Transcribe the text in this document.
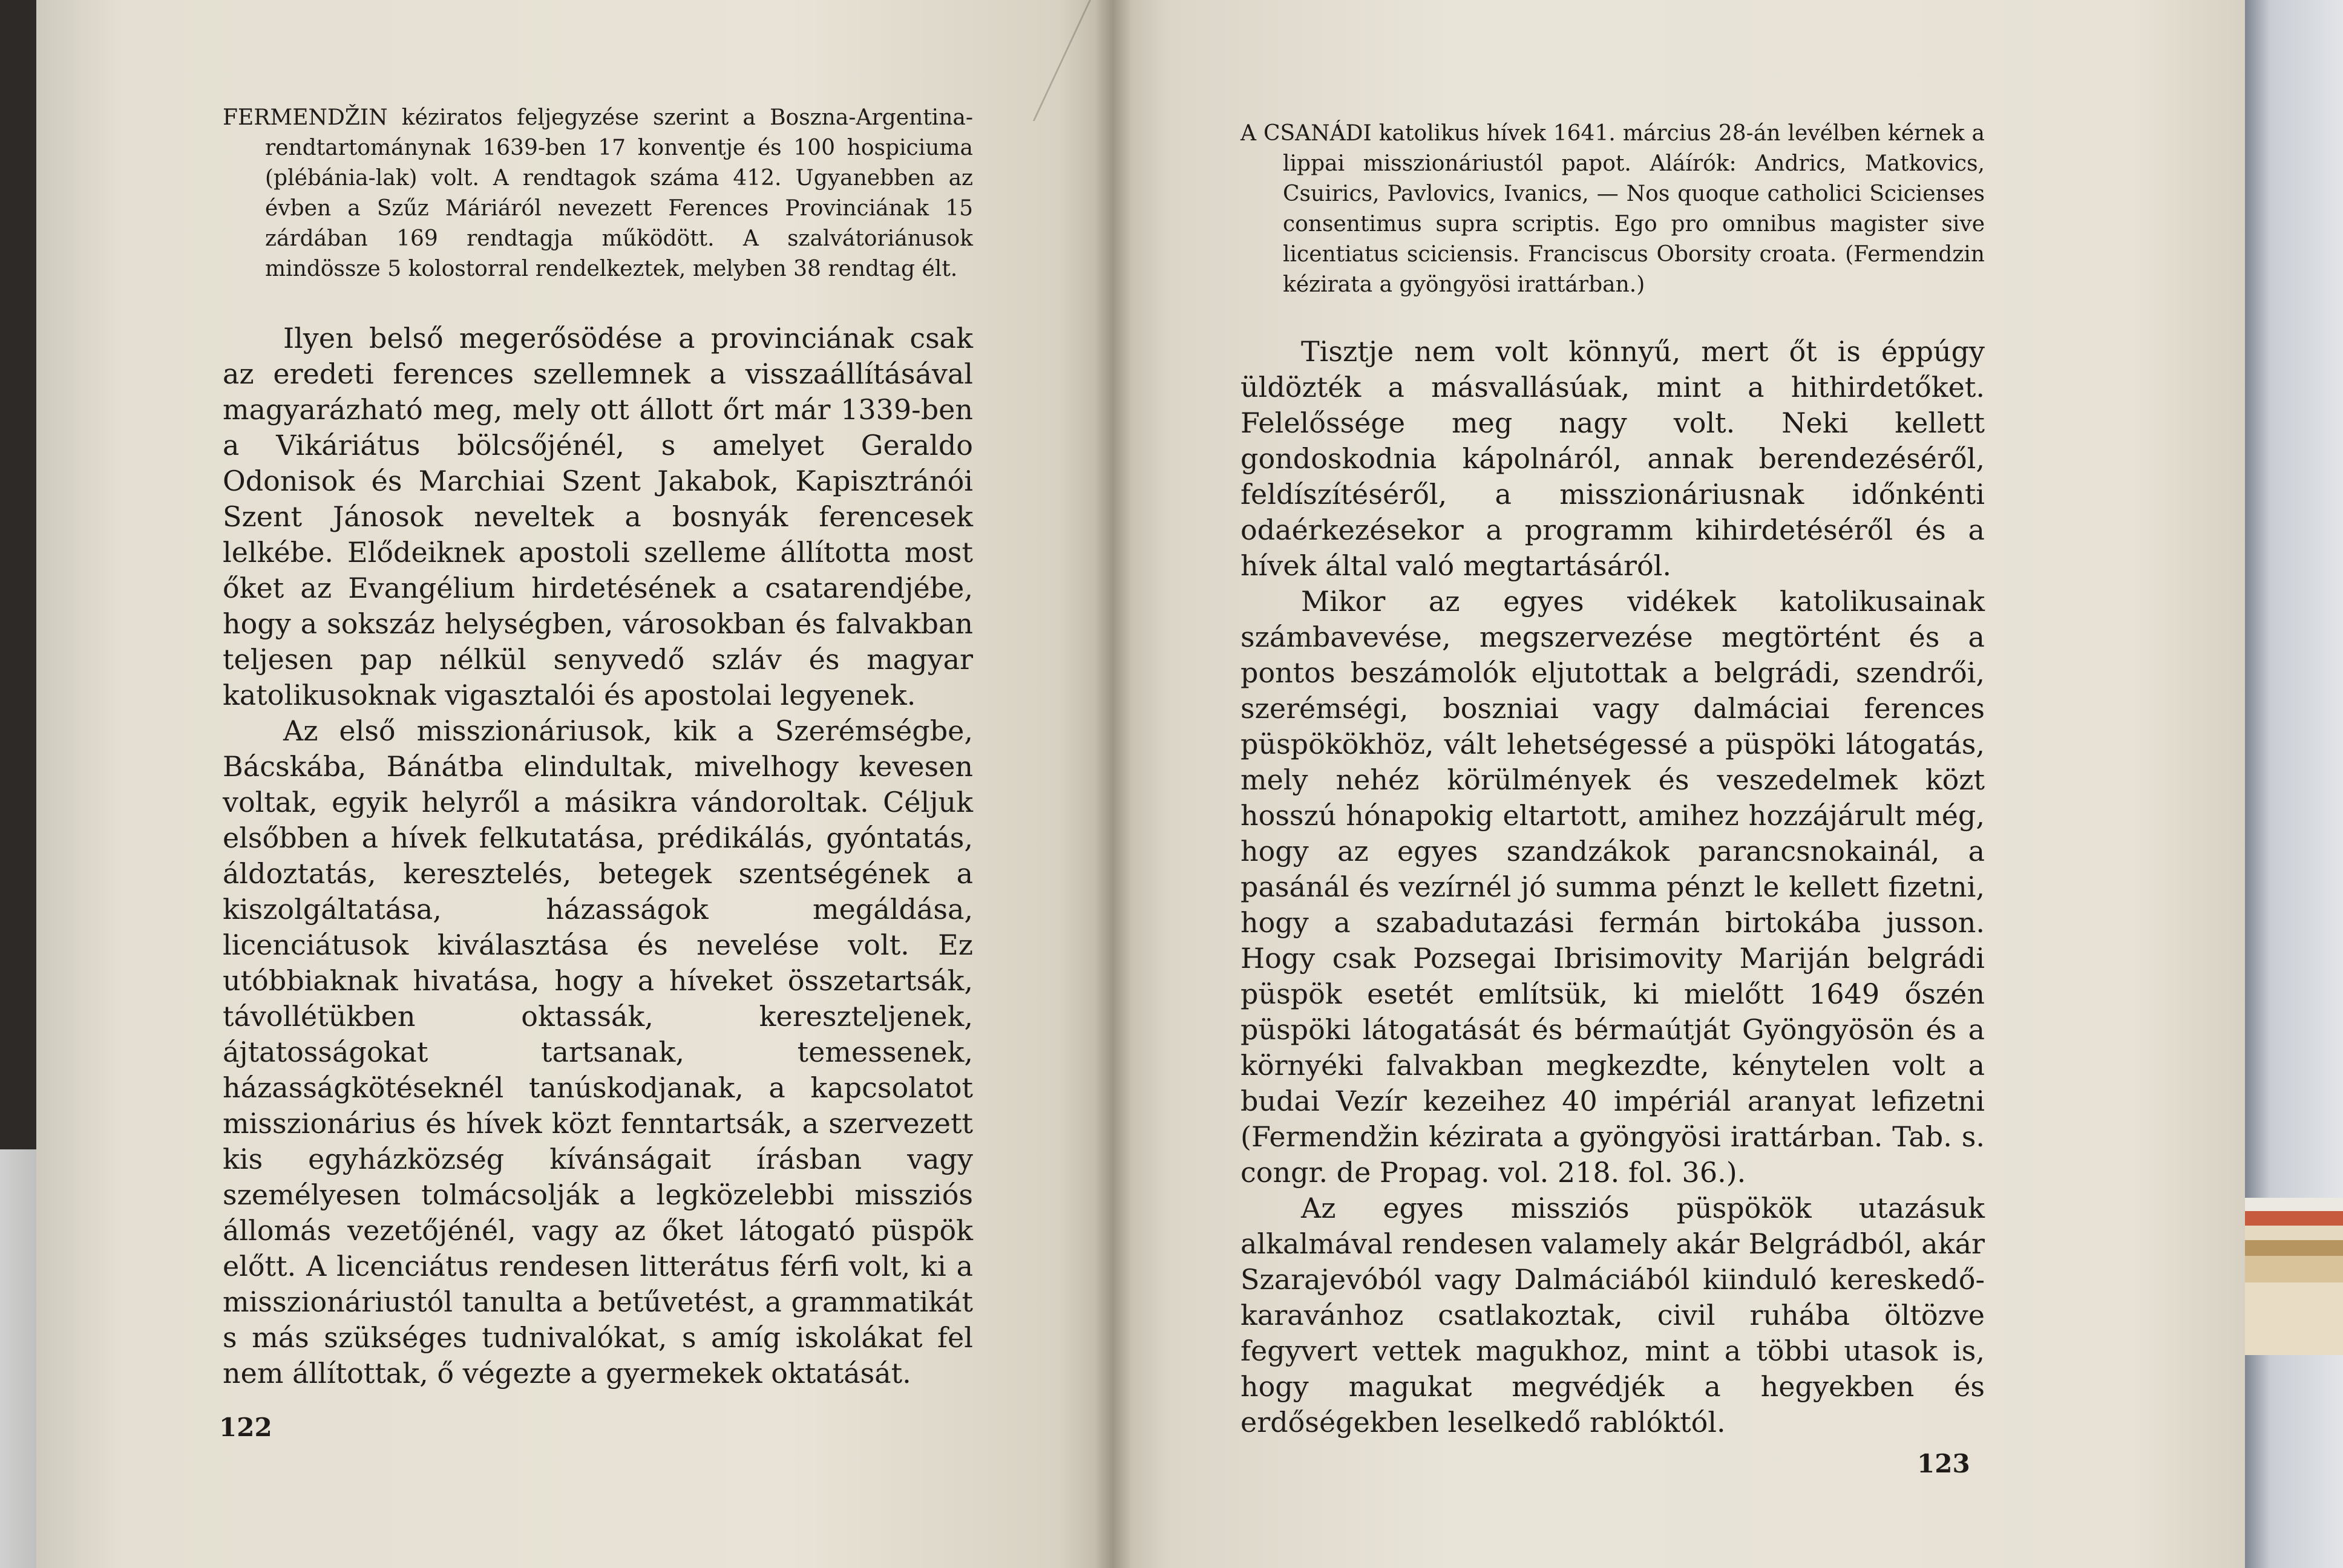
FERMENDŽIN kéziratos feljegyzése szerint a Boszna-Argentina-rendtartománynak 1639-ben 17 konventje és 100 hospiciuma (plébánia-lak) volt. A rendtagok száma 412. Ugyanebben az évben a Szűz Máriáról nevezett Ferences Provinciának 15 zárdában 169 rendtagja működött. A szalvátoriánusok mindössze 5 kolostorral rendelkeztek, melyben 38 rendtag élt.

Ilyen belső megerősödése a provinciának csak az eredeti ferences szellemnek a visszaállításával magyarázható meg, mely ott állott őrt már 1339-ben a Vikáriátus bölcsőjénél, s amelyet Geraldo Odonisok és Marchiai Szent Jakabok, Kapisztránói Szent Jánosok neveltek a bosnyák ferencesek lelkébe. Elődeiknek apostoli szelleme állította most őket az Evangélium hirdetésének a csatarendjébe, hogy a sokszáz helységben, városokban és falvakban teljesen pap nélkül senyvedő szláv és magyar katolikusoknak vigasztalói és apostolai legyenek.

Az első misszionáriusok, kik a Szerémségbe, Bácskába, Bánátba elindultak, mivelhogy kevesen voltak, egyik helyről a másikra vándoroltak. Céljuk elsőbben a hívek felkutatása, prédikálás, gyóntatás, áldoztatás, keresztelés, betegek szentségének a kiszolgáltatása, házasságok megáldása, licenciátusok kiválasztása és nevelése volt. Ez utóbbiaknak hivatása, hogy a híveket összetartsák, távollétükben oktassák, kereszteljenek, ájtatosságokat tartsanak, temessenek, házasságkötéseknél tanúskodjanak, a kapcsolatot misszionárius és hívek közt fenntartsák, a szervezett kis egyházközség kívánságait írásban vagy személyesen tolmácsolják a legközelebbi missziós állomás vezetőjénél, vagy az őket látogató püspök előtt. A licenciátus rendesen litterátus férfi volt, ki a misszionáriustól tanulta a betűvetést, a grammatikát s más szükséges tudnivalókat, s amíg iskolákat fel nem állítottak, ő végezte a gyermekek oktatását.

122

A CSANÁDI katolikus hívek 1641. március 28-án levélben kérnek a lippai misszionáriustól papot. Aláírók: Andrics, Matkovics, Csuirics, Pavlovics, Ivanics, — Nos quoque catholici Scicienses consentimus supra scriptis. Ego pro omnibus magister sive licentiatus sciciensis. Franciscus Oborsity croata. (Fermendzin kézirata a gyöngyösi irattárban.)

Tisztje nem volt könnyű, mert őt is éppúgy üldözték a másvallásúak, mint a hithirdetőket. Felelőssége meg nagy volt. Neki kellett gondoskodnia kápolnáról, annak berendezéséről, feldíszítéséről, a misszionáriusnak időnkénti odaérkezésekor a programm kihirdetéséről és a hívek által való megtartásáról.

Mikor az egyes vidékek katolikusainak számbavevése, megszervezése megtörtént és a pontos beszámolók eljutottak a belgrádi, szendrői, szerémségi, boszniai vagy dalmáciai ferences püspökökhöz, vált lehetségessé a püspöki látogatás, mely nehéz körülmények és veszedelmek közt hosszú hónapokig eltartott, amihez hozzájárult még, hogy az egyes szandzákok parancsnokainál, a pasánál és vezírnél jó summa pénzt le kellett fizetni, hogy a szabadutazási fermán birtokába jusson. Hogy csak Pozsegai Ibrisimovity Mariján belgrádi püspök esetét említsük, ki mielőtt 1649 őszén püspöki látogatását és bérmaútját Gyöngyösön és a környéki falvakban megkezdte, kénytelen volt a budai Vezír kezeihez 40 impériál aranyat lefizetni (Fermendžin kézirata a gyöngyösi irattárban. Tab. s. congr. de Propag. vol. 218. fol. 36.).

Az egyes missziós püspökök utazásuk alkalmával rendesen valamely akár Belgrádból, akár Szarajevóból vagy Dalmáciából kiinduló kereskedő-karavánhoz csatlakoztak, civil ruhába öltözve fegyvert vettek magukhoz, mint a többi utasok is, hogy magukat megvédjék a hegyekben és erdőségekben leselkedő rablóktól.

123
